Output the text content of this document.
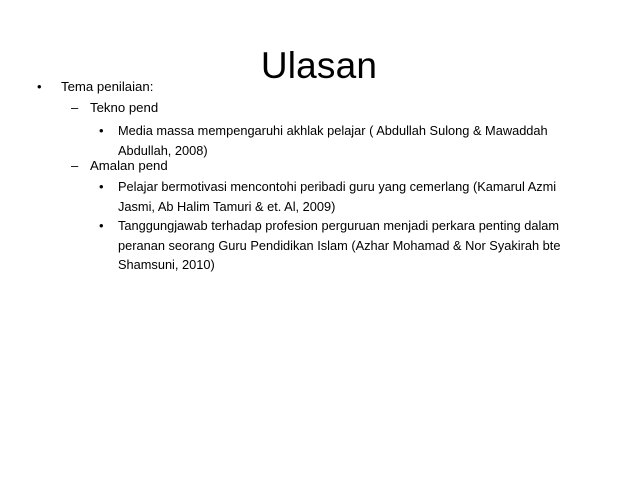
Ulasan
• Tema penilaian:
– Tekno pend
• Media massa mempengaruhi akhlak pelajar ( Abdullah Sulong & Mawaddah Abdullah, 2008)
– Amalan pend
• Pelajar bermotivasi mencontohi peribadi guru yang cemerlang (Kamarul Azmi Jasmi, Ab Halim Tamuri & et. Al, 2009)
• Tanggungjawab terhadap profesion perguruan menjadi perkara penting dalam peranan seorang Guru Pendidikan Islam (Azhar Mohamad & Nor Syakirah bte Shamsuni, 2010)
